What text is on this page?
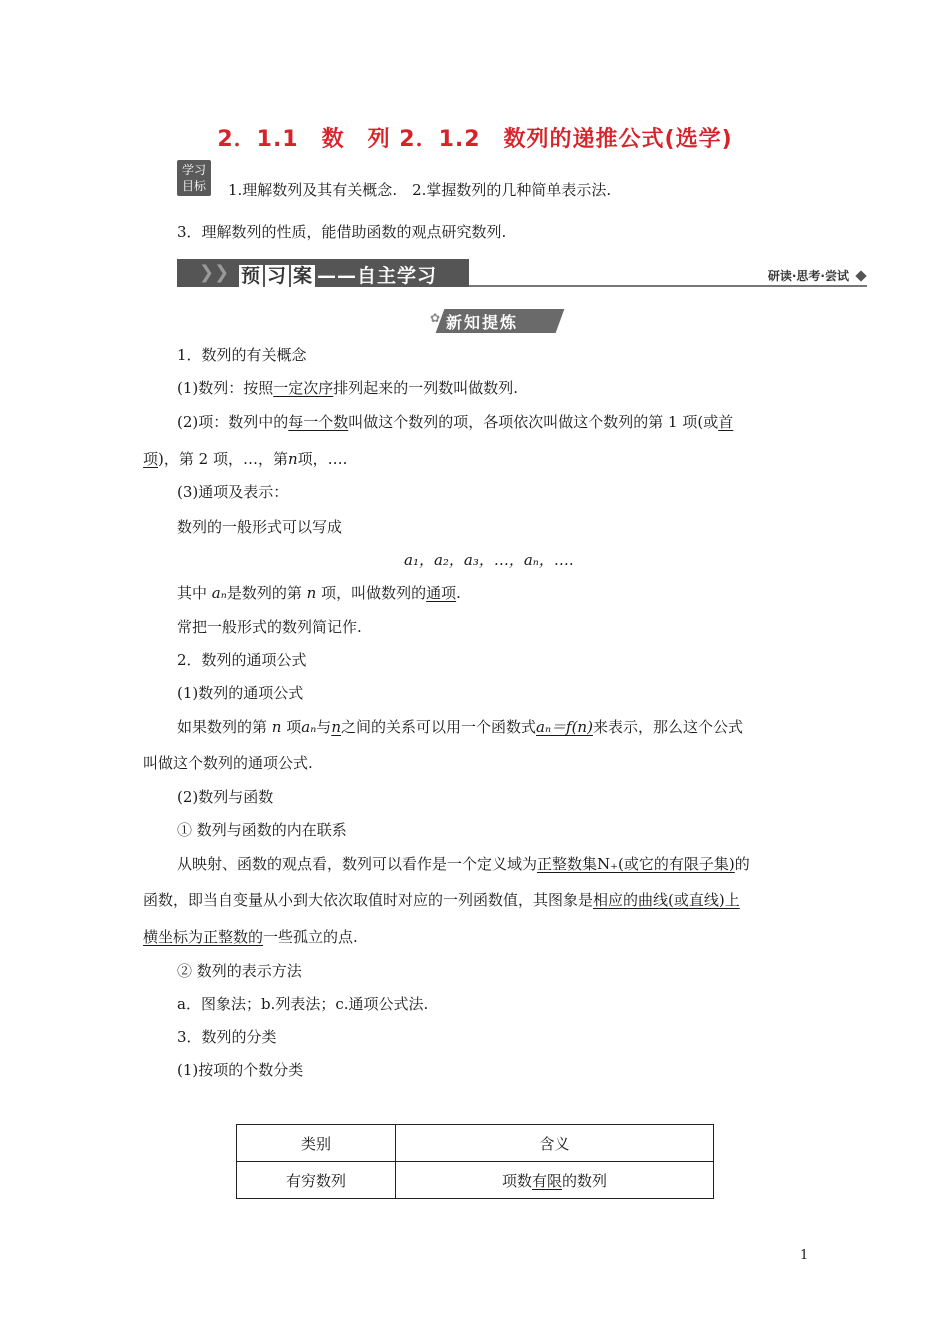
2．1.1　数　列 2．1.2　数列的递推公式(选学)
学习
目标	1.理解数列及其有关概念.　2.掌握数列的几种简单表示法.
3．理解数列的性质，能借助函数的观点研究数列.
❯❯ 预 习 案 ——自主学习	研读·思考·尝试
✿ 新知提炼
1．数列的有关概念
(1)数列：按照一定次序排列起来的一列数叫做数列.
(2)项：数列中的每一个数叫做这个数列的项，各项依次叫做这个数列的第 1 项(或首
项)，第 2 项，…，第n项，….
(3)通项及表示：
数列的一般形式可以写成
a₁，a₂，a₃，…，aₙ，….
其中 aₙ是数列的第 n 项，叫做数列的通项.
常把一般形式的数列简记作.
2．数列的通项公式
(1)数列的通项公式
如果数列的第 n 项aₙ与n之间的关系可以用一个函数式aₙ＝f(n)来表示，那么这个公式
叫做这个数列的通项公式.
(2)数列与函数
① 数列与函数的内在联系
从映射、函数的观点看，数列可以看作是一个定义域为正整数集N₊(或它的有限子集)的
函数，即当自变量从小到大依次取值时对应的一列函数值，其图象是相应的曲线(或直线)上
横坐标为正整数的一些孤立的点.
② 数列的表示方法
a．图象法；b.列表法；c.通项公式法.
3．数列的分类
(1)按项的个数分类
类别	含义
有穷数列	项数有限的数列
1
